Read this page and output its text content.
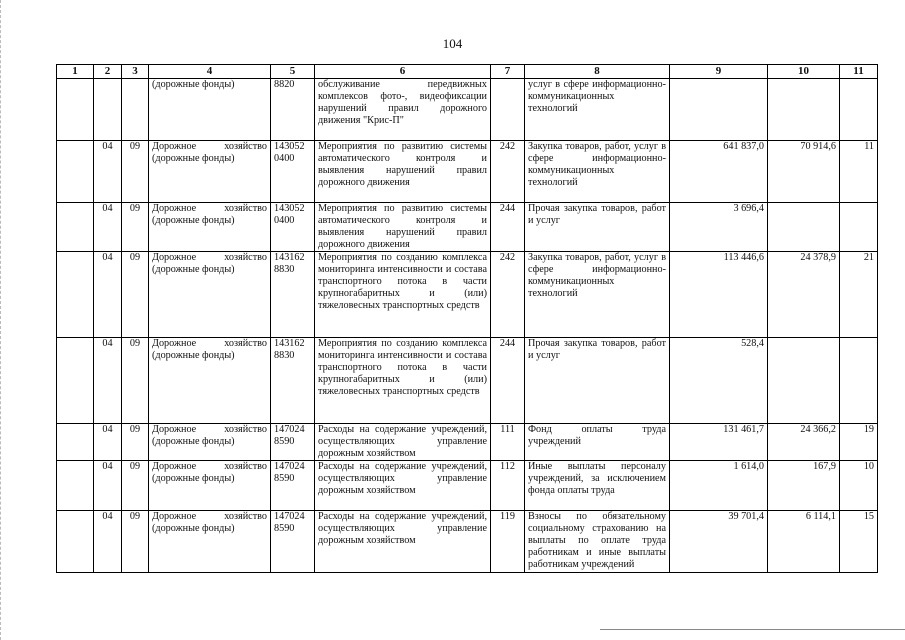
104
1	2	3	4	5	6	7	8	9	10	11
			(дорожные фонды)	8820	обслуживание передвижных комплексов фото-, видеофиксации нарушений правил дорожного движения "Крис-П"		услуг в сфере информационно-коммуникационных технологий			
	04	09	Дорожное хозяйство (дорожные фонды)	143052 0400	Мероприятия по развитию системы автоматического контроля и выявления нарушений правил дорожного движения	242	Закупка товаров, работ, услуг в сфере информационно-коммуникационных технологий	641 837,0	70 914,6	11
	04	09	Дорожное хозяйство (дорожные фонды)	143052 0400	Мероприятия по развитию системы автоматического контроля и выявления нарушений правил дорожного движения	244	Прочая закупка товаров, работ и услуг	3 696,4		
	04	09	Дорожное хозяйство (дорожные фонды)	143162 8830	Мероприятия по созданию комплекса мониторинга интенсивности и состава транспортного потока в части крупногабаритных и (или) тяжеловесных транспортных средств	242	Закупка товаров, работ, услуг в сфере информационно-коммуникационных технологий	113 446,6	24 378,9	21
	04	09	Дорожное хозяйство (дорожные фонды)	143162 8830	Мероприятия по созданию комплекса мониторинга интенсивности и состава транспортного потока в части крупногабаритных и (или) тяжеловесных транспортных средств	244	Прочая закупка товаров, работ и услуг	528,4		
	04	09	Дорожное хозяйство (дорожные фонды)	147024 8590	Расходы на содержание учреждений, осуществляющих управление дорожным хозяйством	111	Фонд оплаты труда учреждений	131 461,7	24 366,2	19
	04	09	Дорожное хозяйство (дорожные фонды)	147024 8590	Расходы на содержание учреждений, осуществляющих управление дорожным хозяйством	112	Иные выплаты персоналу учреждений, за исключением фонда оплаты труда	1 614,0	167,9	10
	04	09	Дорожное хозяйство (дорожные фонды)	147024 8590	Расходы на содержание учреждений, осуществляющих управление дорожным хозяйством	119	Взносы по обязательному социальному страхованию на выплаты по оплате труда работникам и иные выплаты работникам учреждений	39 701,4	6 114,1	15
